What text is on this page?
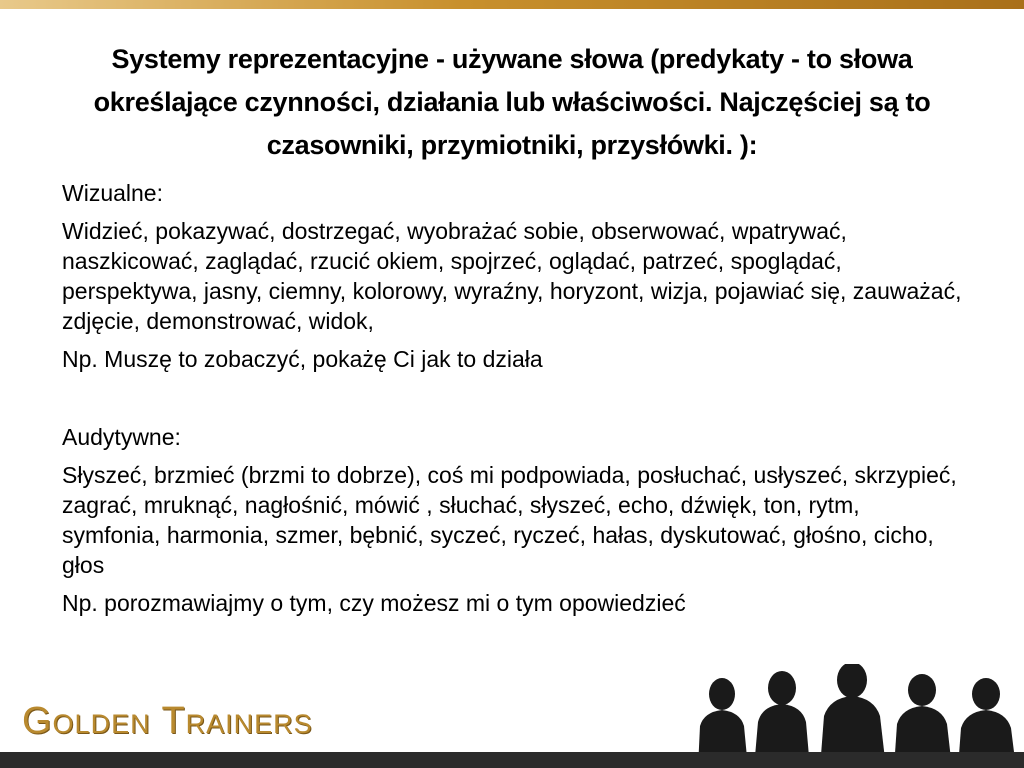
Systemy reprezentacyjne - używane słowa (predykaty - to słowa określające czynności, działania lub właściwości. Najczęściej są to czasowniki, przymiotniki, przysłówki. ):

Wizualne:

Widzieć, pokazywać, dostrzegać, wyobrażać sobie, obserwować, wpatrywać, naszkicować, zaglądać, rzucić okiem, spojrzeć, oglądać, patrzeć, spoglądać, perspektywa, jasny, ciemny, kolorowy, wyraźny, horyzont, wizja, pojawiać się, zauważać, zdjęcie, demonstrować, widok,

Np. Muszę to zobaczyć, pokażę Ci jak to działa

Audytywne:

Słyszeć, brzmieć (brzmi to dobrze), coś mi podpowiada, posłuchać, usłyszeć, skrzypieć, zagrać, mruknąć, nagłośnić, mówić , słuchać, słyszeć, echo, dźwięk, ton, rytm, symfonia, harmonia, szmer, bębnić, syczeć, ryczeć, hałas, dyskutować, głośno, cicho, głos

Np. porozmawiajmy o tym, czy możesz mi o tym opowiedzieć

Golden Trainers
